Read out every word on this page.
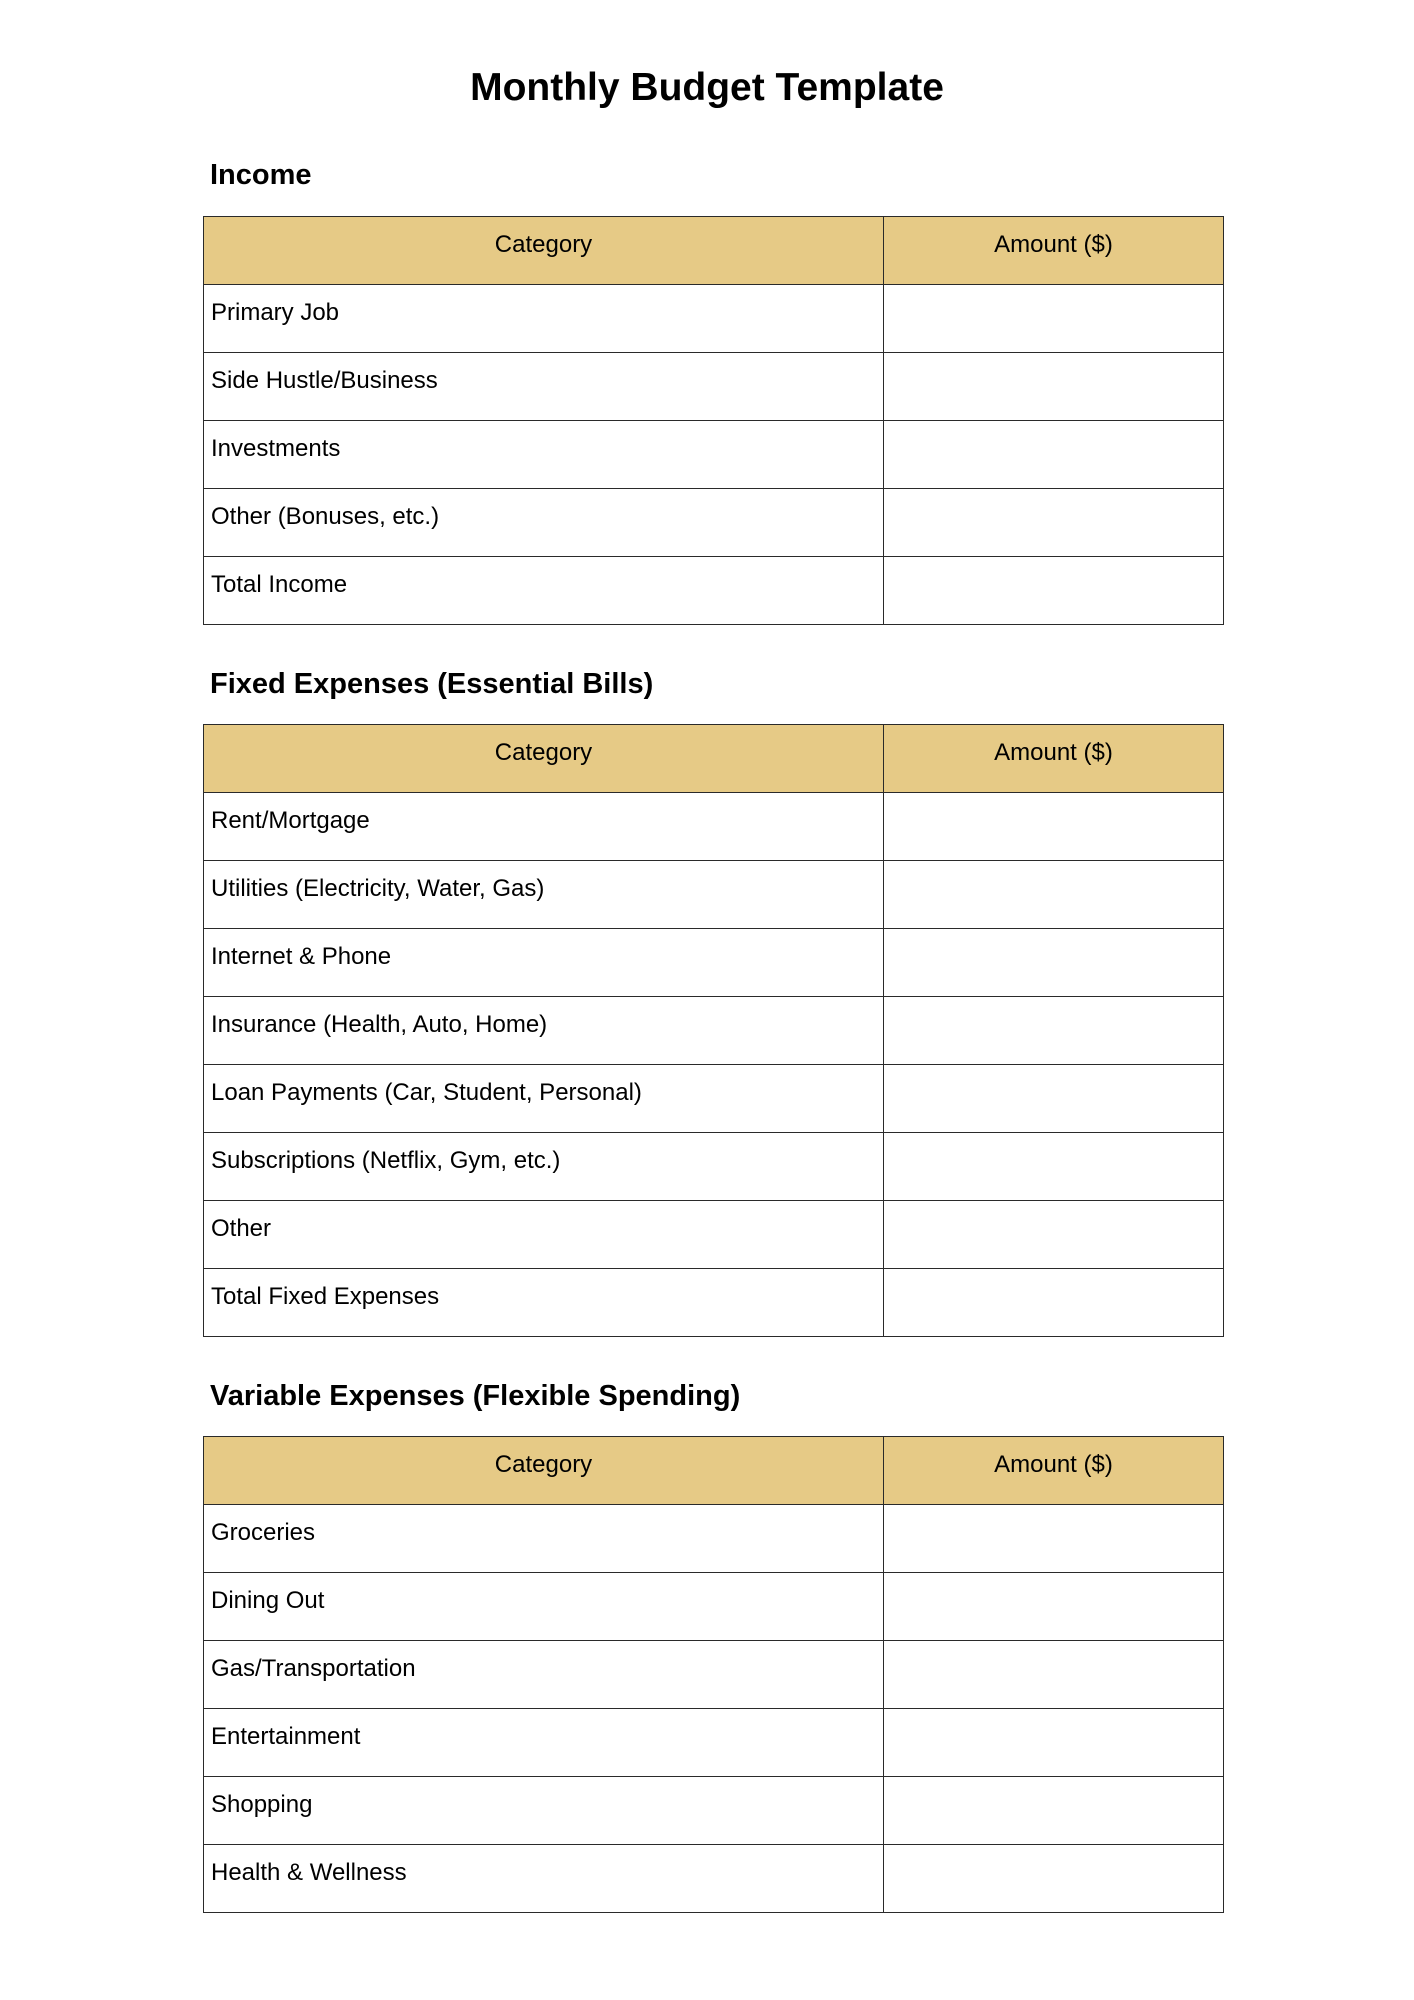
Monthly Budget Template
Income
Category	Amount ($)
Primary Job	
Side Hustle/Business	
Investments	
Other (Bonuses, etc.)	
Total Income	
Fixed Expenses (Essential Bills)
Category	Amount ($)
Rent/Mortgage	
Utilities (Electricity, Water, Gas)	
Internet & Phone	
Insurance (Health, Auto, Home)	
Loan Payments (Car, Student, Personal)	
Subscriptions (Netflix, Gym, etc.)	
Other	
Total Fixed Expenses	
Variable Expenses (Flexible Spending)
Category	Amount ($)
Groceries	
Dining Out	
Gas/Transportation	
Entertainment	
Shopping	
Health & Wellness	
